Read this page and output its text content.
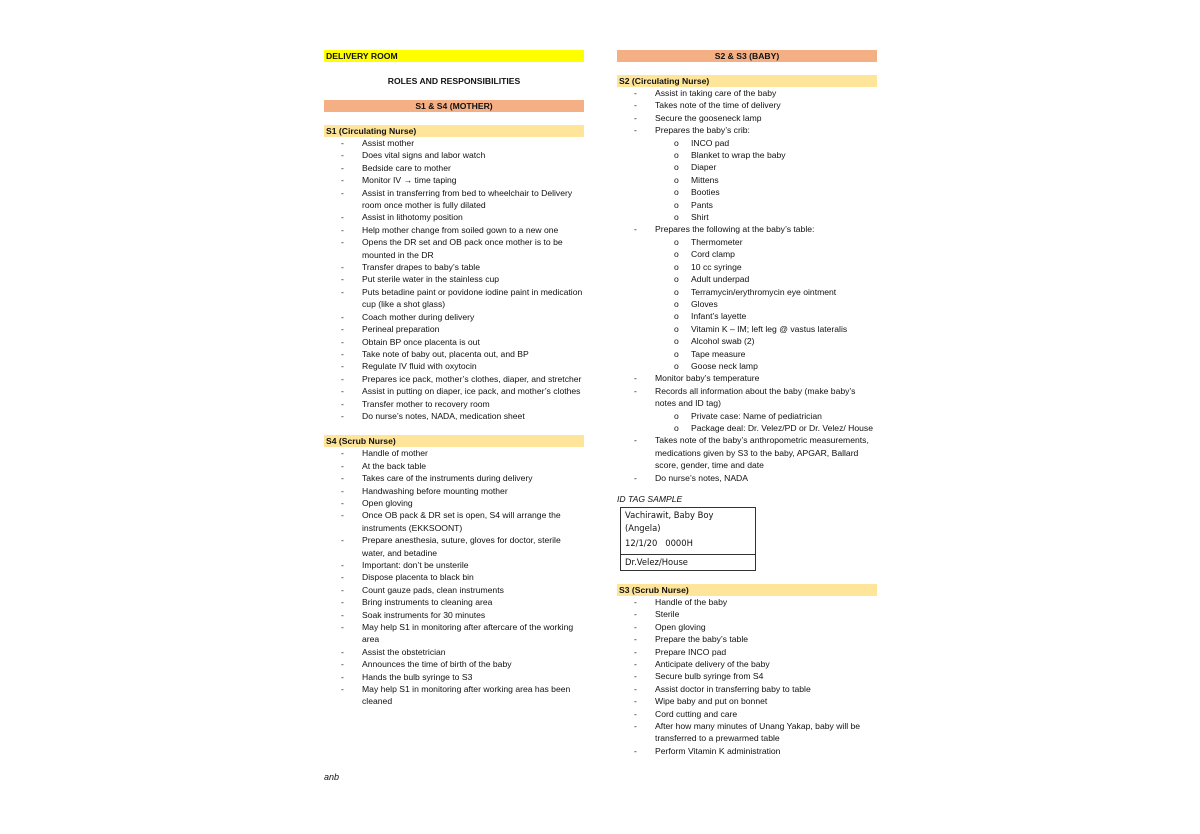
DELIVERY ROOM
ROLES AND RESPONSIBILITIES
S1 & S4 (MOTHER)
S1 (Circulating Nurse)
- Assist mother
- Does vital signs and labor watch
- Bedside care to mother
- Monitor IV → time taping
- Assist in transferring from bed to wheelchair to Delivery room once mother is fully dilated
- Assist in lithotomy position
- Help mother change from soiled gown to a new one
- Opens the DR set and OB pack once mother is to be mounted in the DR
- Transfer drapes to baby’s table
- Put sterile water in the stainless cup
- Puts betadine paint or povidone iodine paint in medication cup (like a shot glass)
- Coach mother during delivery
- Perineal preparation
- Obtain BP once placenta is out
- Take note of baby out, placenta out, and BP
- Regulate IV fluid with oxytocin
- Prepares ice pack, mother’s clothes, diaper, and stretcher
- Assist in putting on diaper, ice pack, and mother’s clothes
- Transfer mother to recovery room
- Do nurse’s notes, NADA, medication sheet
S4 (Scrub Nurse)
- Handle of mother
- At the back table
- Takes care of the instruments during delivery
- Handwashing before mounting mother
- Open gloving
- Once OB pack & DR set is open, S4 will arrange the instruments (EKKSOONT)
- Prepare anesthesia, suture, gloves for doctor, sterile water, and betadine
- Important: don’t be unsterile
- Dispose placenta to black bin
- Count gauze pads, clean instruments
- Bring instruments to cleaning area
- Soak instruments for 30 minutes
- May help S1 in monitoring after aftercare of the working area
- Assist the obstetrician
- Announces the time of birth of the baby
- Hands the bulb syringe to S3
- May help S1 in monitoring after working area has been cleaned
S2 & S3 (BABY)
S2 (Circulating Nurse)
- Assist in taking care of the baby
- Takes note of the time of delivery
- Secure the gooseneck lamp
- Prepares the baby’s crib:
o INCO pad
o Blanket to wrap the baby
o Diaper
o Mittens
o Booties
o Pants
o Shirt
- Prepares the following at the baby’s table:
o Thermometer
o Cord clamp
o 10 cc syringe
o Adult underpad
o Terramycin/erythromycin eye ointment
o Gloves
o Infant’s layette
o Vitamin K – IM; left leg @ vastus lateralis
o Alcohol swab (2)
o Tape measure
o Goose neck lamp
- Monitor baby’s temperature
- Records all information about the baby (make baby’s notes and ID tag)
o Private case: Name of pediatrician
o Package deal: Dr. Velez/PD or Dr. Velez/ House
- Takes note of the baby’s anthropometric measurements, medications given by S3 to the baby, APGAR, Ballard score, gender, time and date
- Do nurse’s notes, NADA
ID TAG SAMPLE
Vachirawit, Baby Boy (Angela)
12/1/20   0000H
Dr.Velez/House
S3 (Scrub Nurse)
- Handle of the baby
- Sterile
- Open gloving
- Prepare the baby’s table
- Prepare INCO pad
- Anticipate delivery of the baby
- Secure bulb syringe from S4
- Assist doctor in transferring baby to table
- Wipe baby and put on bonnet
- Cord cutting and care
- After how many minutes of Unang Yakap, baby will be transferred to a prewarmed table
- Perform Vitamin K administration
anb
